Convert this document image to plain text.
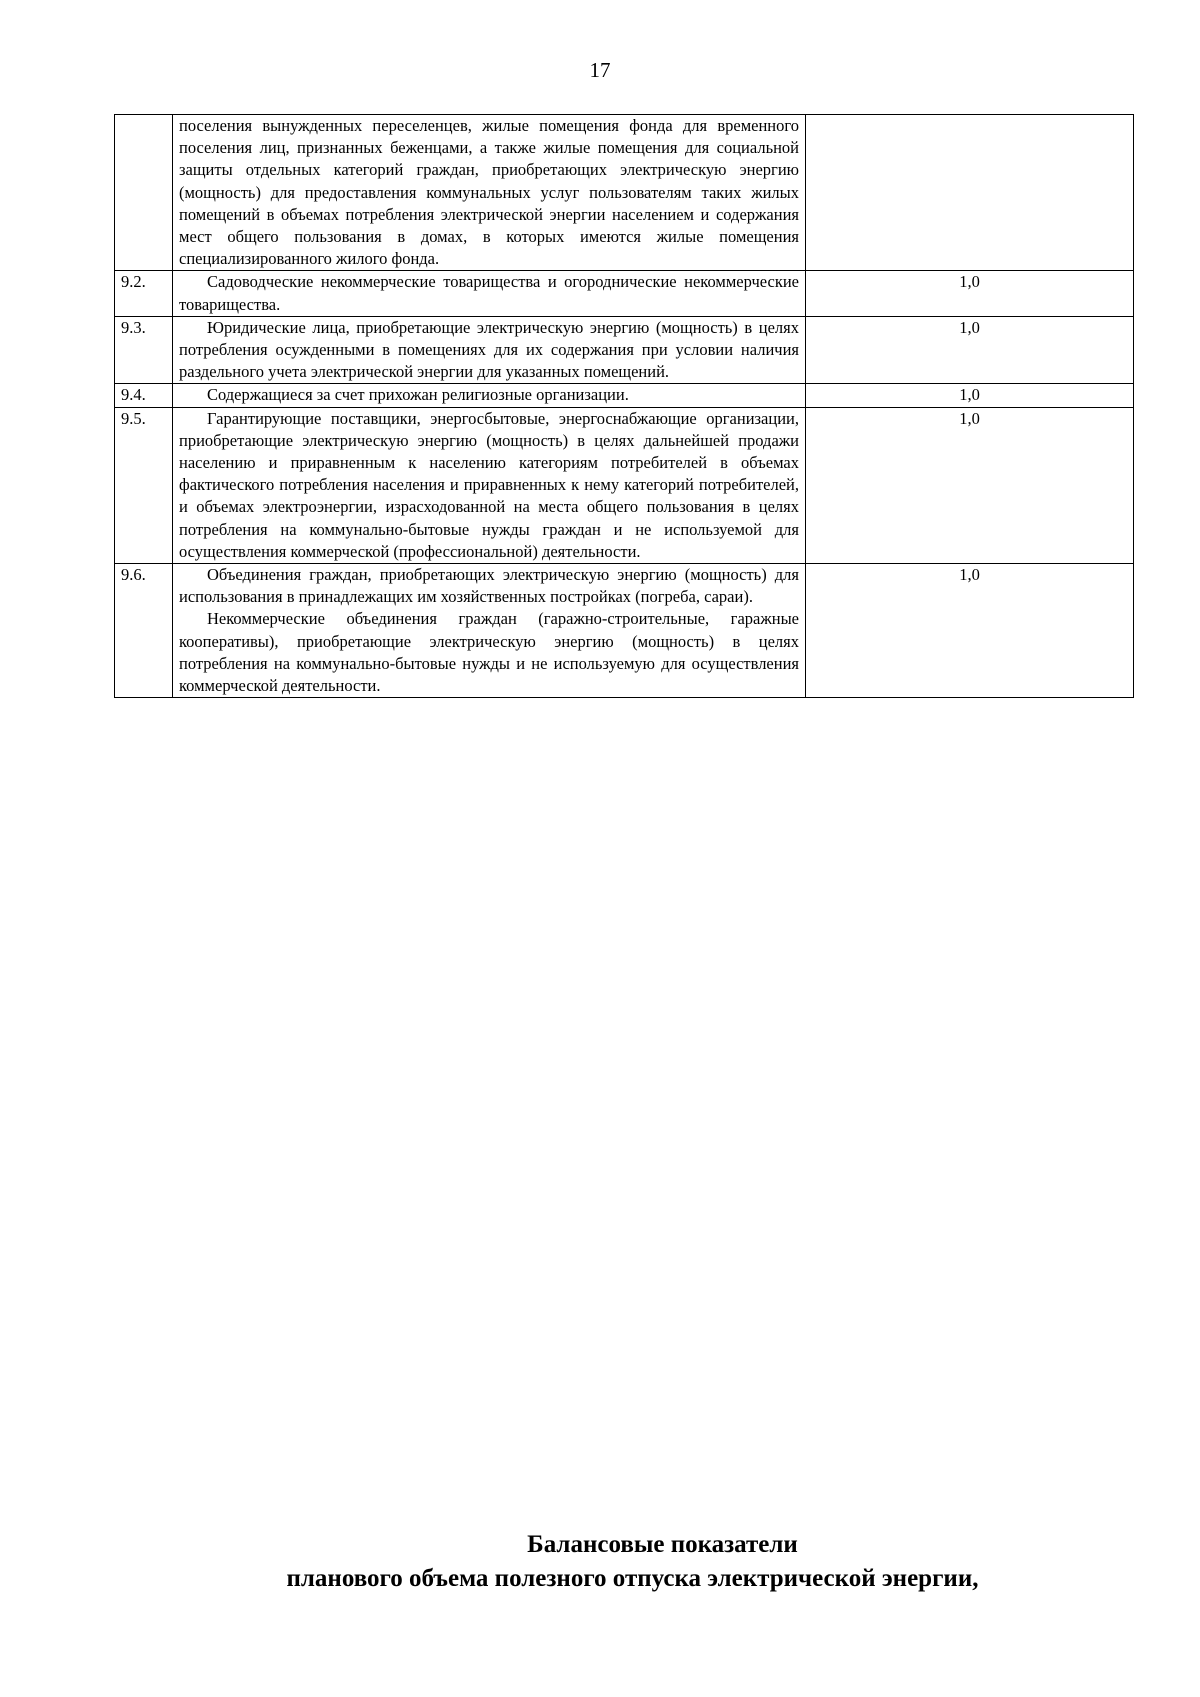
17

	поселения вынужденных переселенцев, жилые помещения фонда для временного поселения лиц, признанных беженцами, а также жилые помещения для социальной защиты отдельных категорий граждан, приобретающих электрическую энергию (мощность) для предоставления коммунальных услуг пользователям таких жилых помещений в объемах потребления электрической энергии населением и содержания мест общего пользования в домах, в которых имеются жилые помещения специализированного жилого фонда.	

9.2.	Садоводческие некоммерческие товарищества и огороднические некоммерческие товарищества.	1,0
9.3.	Юридические лица, приобретающие электрическую энергию (мощность) в целях потребления осужденными в помещениях для их содержания при условии наличия раздельного учета электрической энергии для указанных помещений.	1,0
9.4.	Содержащиеся за счет прихожан религиозные организации.	1,0
9.5.	Гарантирующие поставщики, энергосбытовые, энергоснабжающие организации, приобретающие электрическую энергию (мощность) в целях дальнейшей продажи населению и приравненным к населению категориям потребителей в объемах фактического потребления населения и приравненных к нему категорий потребителей, и объемах электроэнергии, израсходованной на места общего пользования в целях потребления на коммунально-бытовые нужды граждан и не используемой для осуществления коммерческой (профессиональной) деятельности.	1,0
9.6.	Объединения граждан, приобретающих электрическую энергию (мощность) для использования в принадлежащих им хозяйственных постройках (погреба, сараи).

Некоммерческие объединения граждан (гаражно-строительные, гаражные кооперативы), приобретающие электрическую энергию (мощность) в целях потребления на коммунально-бытовые нужды и не используемую для осуществления коммерческой деятельности.	1,0
Балансовые показатели
планового объема полезного отпуска электрической энергии,
